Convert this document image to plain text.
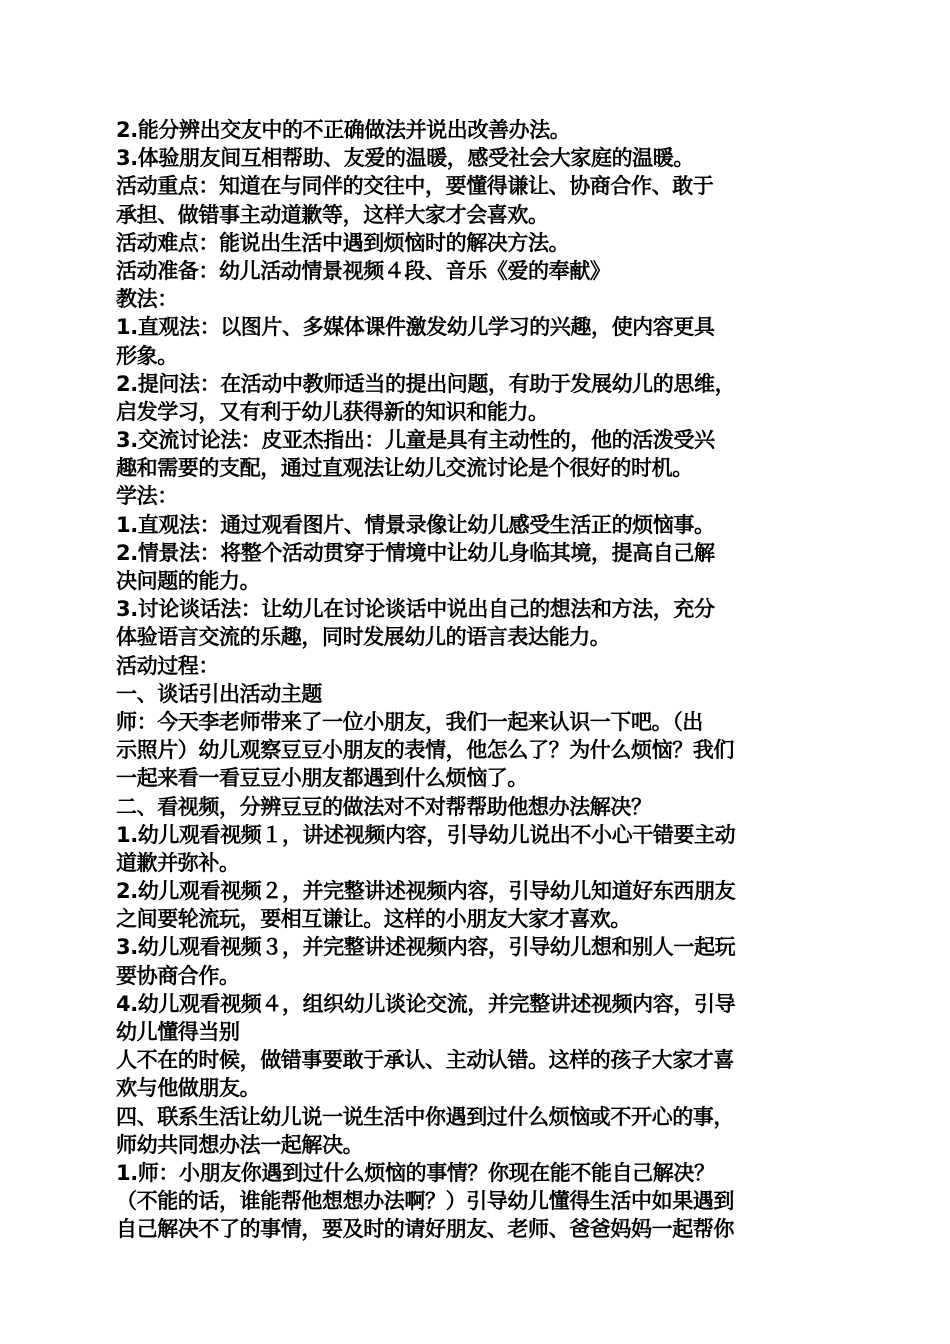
2.能分辨出交友中的不正确做法并说出改善办法。
3.体验朋友间互相帮助、友爱的温暖，感受社会大家庭的温暖。
活动重点：知道在与同伴的交往中，要懂得谦让、协商合作、敢于
承担、做错事主动道歉等，这样大家才会喜欢。
活动难点：能说出生活中遇到烦恼时的解决方法。
活动准备：幼儿活动情景视频４段、音乐《爱的奉献》
教法：
1.直观法：以图片、多媒体课件激发幼儿学习的兴趣，使内容更具
形象。
2.提问法：在活动中教师适当的提出问题，有助于发展幼儿的思维，
启发学习，又有利于幼儿获得新的知识和能力。
3.交流讨论法：皮亚杰指出：儿童是具有主动性的，他的活泼受兴
趣和需要的支配，通过直观法让幼儿交流讨论是个很好的时机。
学法：
1.直观法：通过观看图片、情景录像让幼儿感受生活正的烦恼事。
2.情景法：将整个活动贯穿于情境中让幼儿身临其境，提高自己解
决问题的能力。
3.讨论谈话法：让幼儿在讨论谈话中说出自己的想法和方法，充分
体验语言交流的乐趣，同时发展幼儿的语言表达能力。
活动过程：
一、谈话引出活动主题
师：今天李老师带来了一位小朋友，我们一起来认识一下吧。（出
示照片）幼儿观察豆豆小朋友的表情，他怎么了？为什么烦恼？我们
一起来看一看豆豆小朋友都遇到什么烦恼了。
二、看视频，分辨豆豆的做法对不对帮帮助他想办法解决？
1.幼儿观看视频１，讲述视频内容，引导幼儿说出不小心干错要主动
道歉并弥补。
2.幼儿观看视频２，并完整讲述视频内容，引导幼儿知道好东西朋友
之间要轮流玩，要相互谦让。这样的小朋友大家才喜欢。
3.幼儿观看视频３，并完整讲述视频内容，引导幼儿想和别人一起玩
要协商合作。
4.幼儿观看视频４，组织幼儿谈论交流，并完整讲述视频内容，引导
幼儿懂得当别
人不在的时候，做错事要敢于承认、主动认错。这样的孩子大家才喜
欢与他做朋友。
四、联系生活让幼儿说一说生活中你遇到过什么烦恼或不开心的事，
师幼共同想办法一起解决。
1.师：小朋友你遇到过什么烦恼的事情？你现在能不能自己解决？
（不能的话，谁能帮他想想办法啊？）引导幼儿懂得生活中如果遇到
自己解决不了的事情，要及时的请好朋友、老师、爸爸妈妈一起帮你
